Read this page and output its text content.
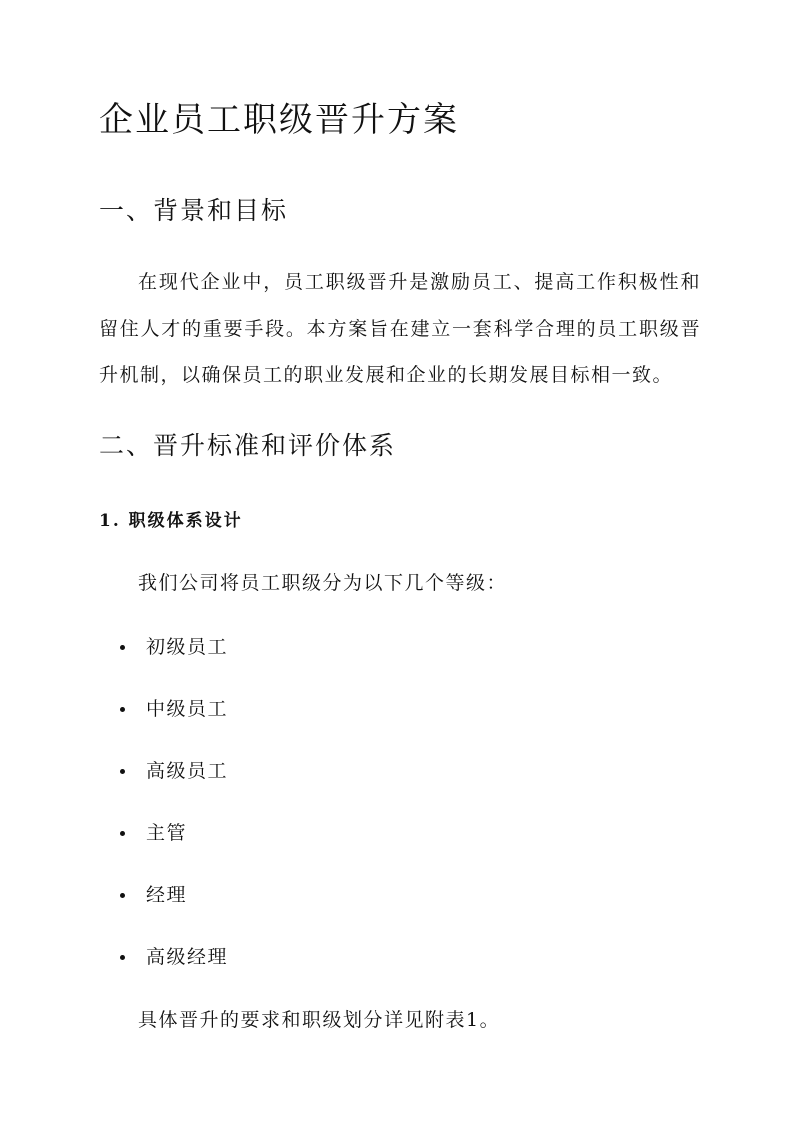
企业员工职级晋升方案
一、背景和目标

在现代企业中，员工职级晋升是激励员工、提高工作积极性和留住人才的重要手段。本方案旨在建立一套科学合理的员工职级晋升机制，以确保员工的职业发展和企业的长期发展目标相一致。

二、晋升标准和评价体系
1. 职级体系设计

我们公司将员工职级分为以下几个等级：

初级员工
中级员工
高级员工
主管
经理
高级经理

具体晋升的要求和职级划分详见附表1。
